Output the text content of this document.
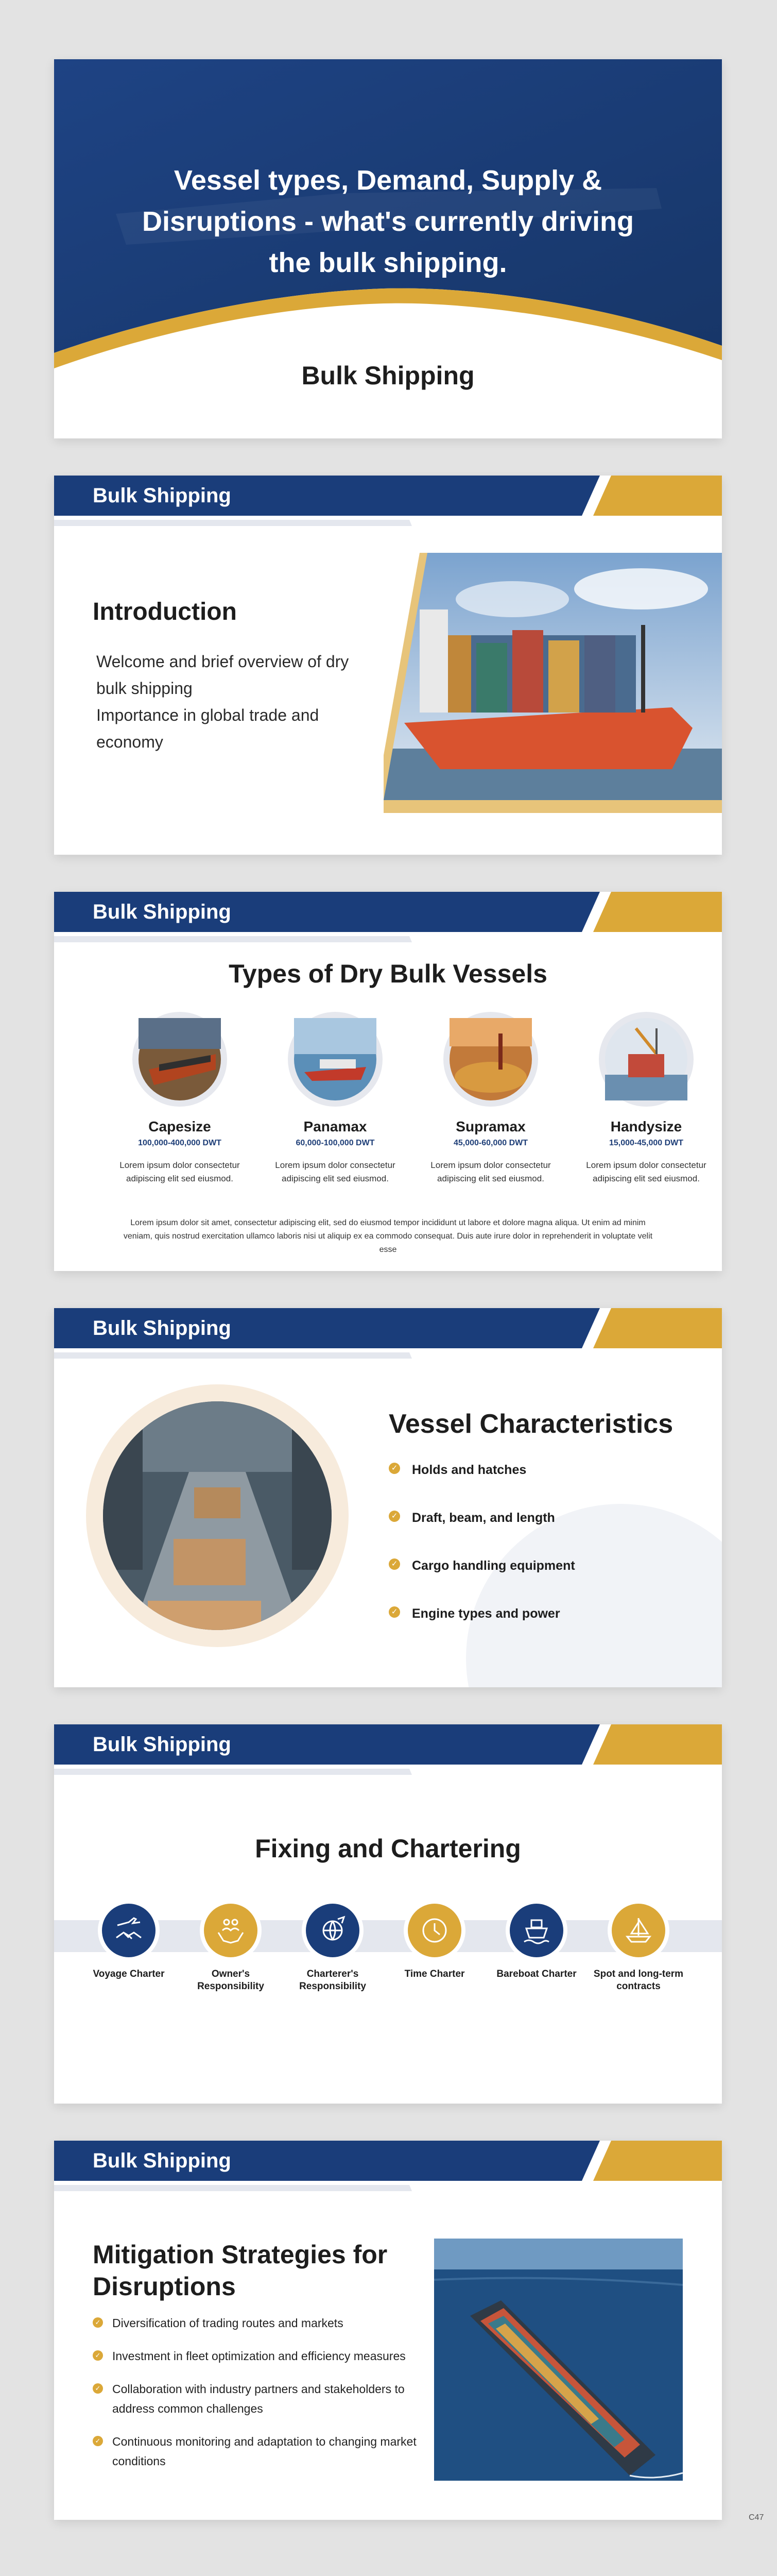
Vessel types, Demand, Supply & Disruptions - what's currently driving the bulk shipping.
Bulk Shipping

Bulk Shipping

Introduction

Welcome and brief overview of dry bulk shipping
Importance in global trade and economy

Bulk Shipping

Types of Dry Bulk Vessels
Capesize
100,000-400,000 DWT
Lorem ipsum dolor consectetur adipiscing elit sed eiusmod.
Panamax
60,000-100,000 DWT
Lorem ipsum dolor consectetur adipiscing elit sed eiusmod.
Supramax
45,000-60,000 DWT
Lorem ipsum dolor consectetur adipiscing elit sed eiusmod.
Handysize
15,000-45,000 DWT
Lorem ipsum dolor consectetur adipiscing elit sed eiusmod.

Lorem ipsum dolor sit amet, consectetur adipiscing elit, sed do eiusmod tempor incididunt ut labore et dolore magna aliqua. Ut enim ad minim veniam, quis nostrud exercitation ullamco laboris nisi ut aliquip ex ea commodo consequat. Duis aute irure dolor in reprehenderit in voluptate velit esse

Bulk Shipping

Vessel Characteristics
✓ Holds and hatches
✓ Draft, beam, and length
✓ Cargo handling equipment
✓ Engine types and power

Bulk Shipping

Fixing and Chartering
Voyage Charter	Owner's Responsibility
Charterer's Responsibility
Time Charter	Bareboat Charter	Spot and long-term contracts

Bulk Shipping

Mitigation Strategies for Disruptions
✓ Diversification of trading routes and markets
✓ Investment in fleet optimization and efficiency measures
✓ Collaboration with industry partners and stakeholders to address common challenges
✓ Continuous monitoring and adaptation to changing market conditions
C47
